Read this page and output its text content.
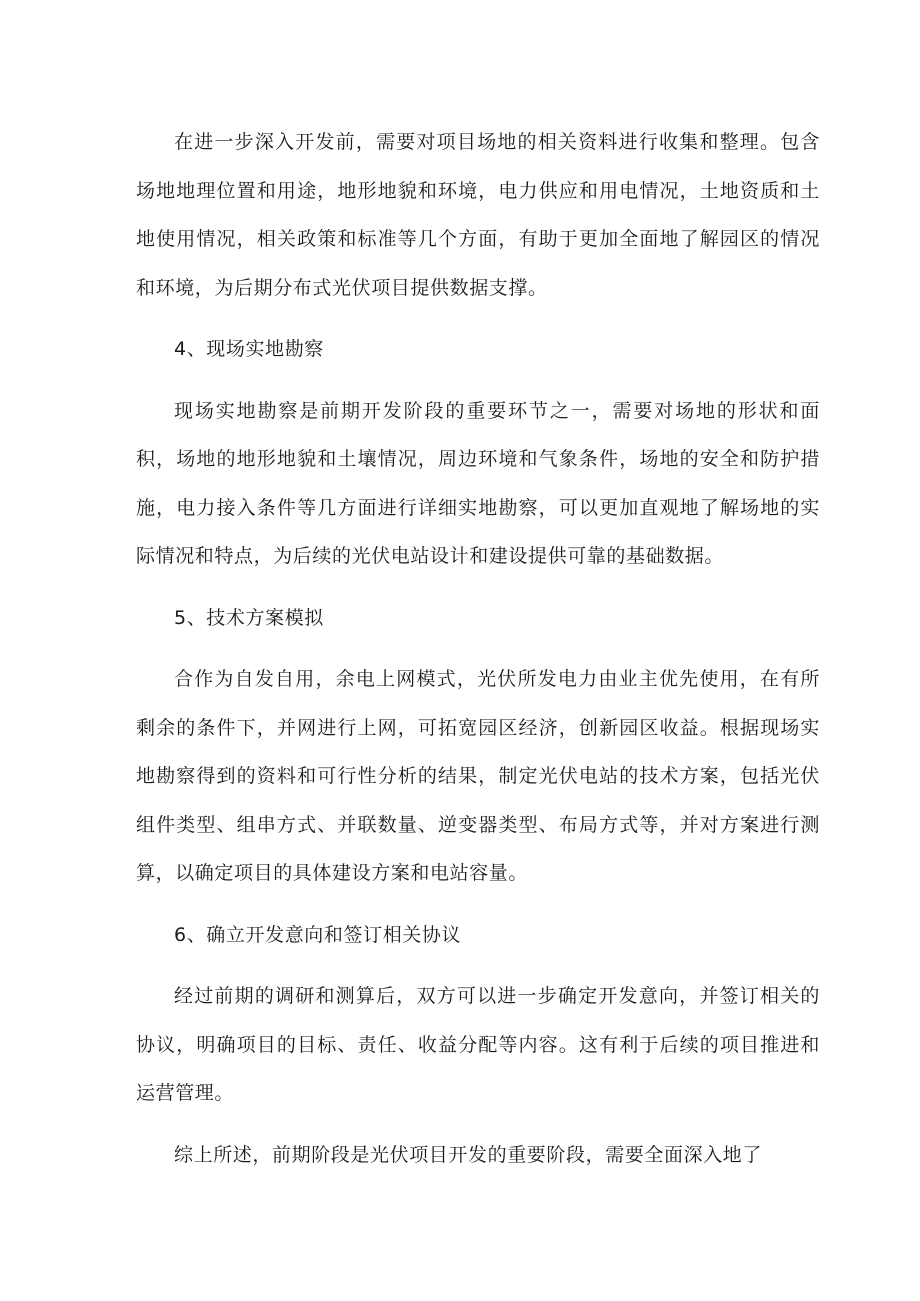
在进一步深入开发前，需要对项目场地的相关资料进行收集和整理。包含场地地理位置和用途，地形地貌和环境，电力供应和用电情况，土地资质和土地使用情况，相关政策和标准等几个方面，有助于更加全面地了解园区的情况和环境，为后期分布式光伏项目提供数据支撑。

4、现场实地勘察

现场实地勘察是前期开发阶段的重要环节之一，需要对场地的形状和面积，场地的地形地貌和土壤情况，周边环境和气象条件，场地的安全和防护措施，电力接入条件等几方面进行详细实地勘察，可以更加直观地了解场地的实际情况和特点，为后续的光伏电站设计和建设提供可靠的基础数据。

5、技术方案模拟

合作为自发自用，余电上网模式，光伏所发电力由业主优先使用，在有所剩余的条件下，并网进行上网，可拓宽园区经济，创新园区收益。根据现场实地勘察得到的资料和可行性分析的结果，制定光伏电站的技术方案，包括光伏组件类型、组串方式、并联数量、逆变器类型、布局方式等，并对方案进行测算，以确定项目的具体建设方案和电站容量。

6、确立开发意向和签订相关协议

经过前期的调研和测算后，双方可以进一步确定开发意向，并签订相关的协议，明确项目的目标、责任、收益分配等内容。这有利于后续的项目推进和运营管理。

综上所述，前期阶段是光伏项目开发的重要阶段，需要全面深入地了
